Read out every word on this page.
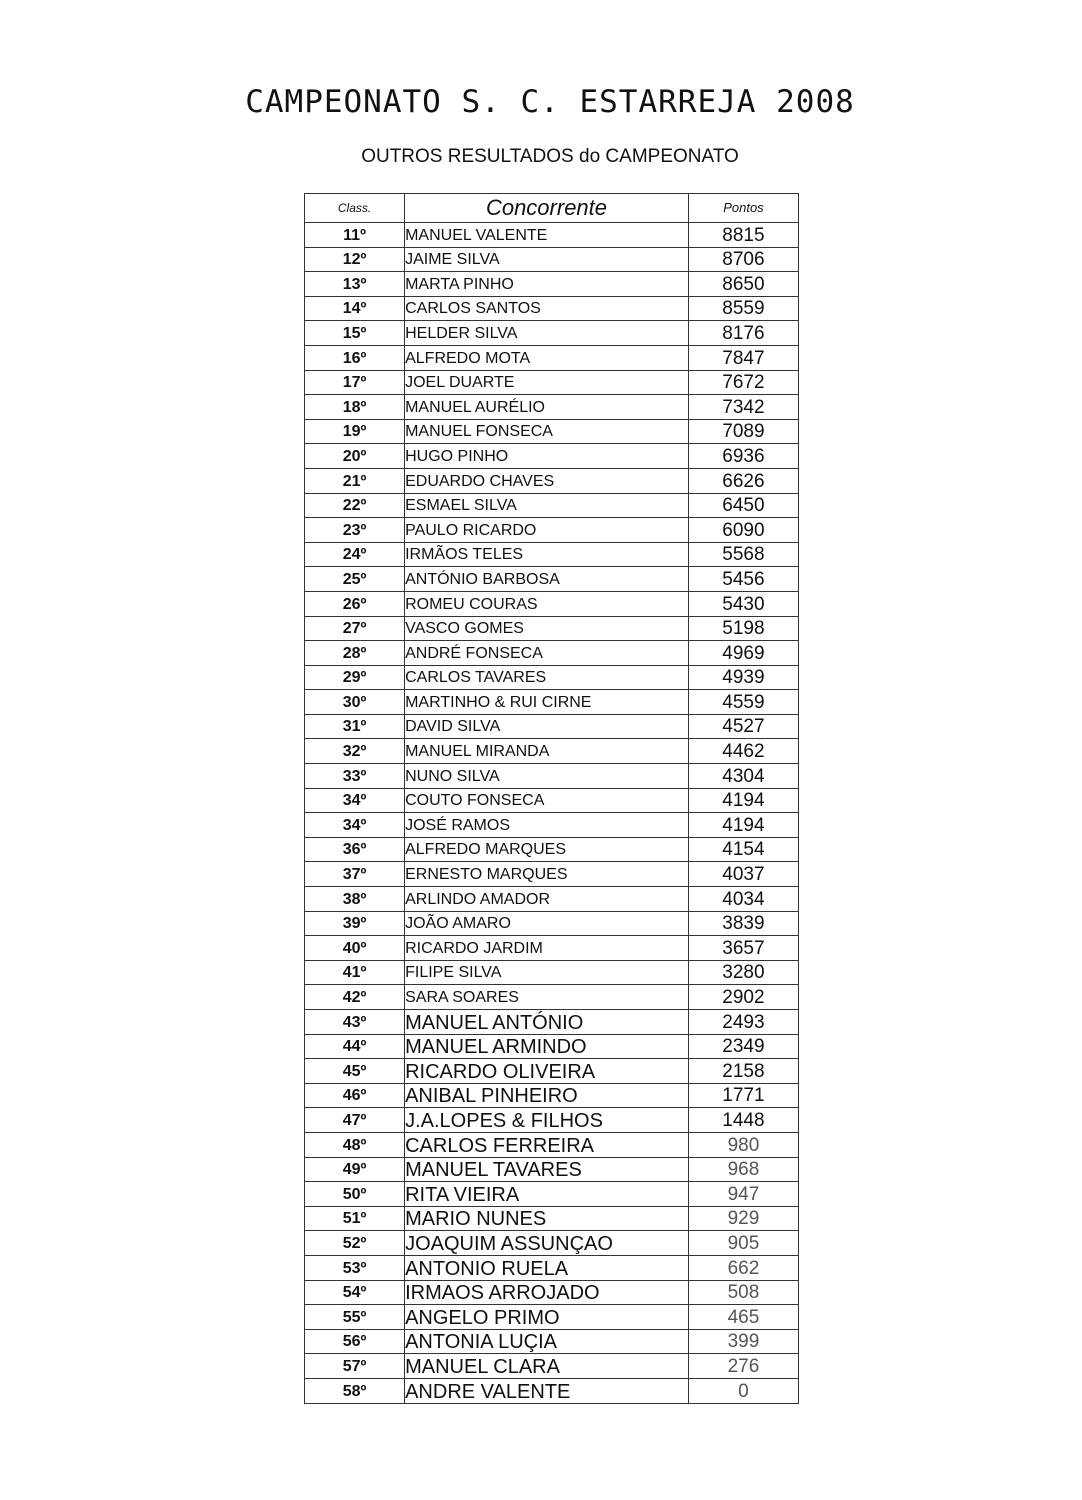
CAMPEONATO S. C. ESTARREJA 2008
OUTROS RESULTADOS do CAMPEONATO
Class.	Concorrente	Pontos
11º	MANUEL VALENTE	8815
12º	JAIME SILVA	8706
13º	MARTA PINHO	8650
14º	CARLOS SANTOS	8559
15º	HELDER SILVA	8176
16º	ALFREDO MOTA	7847
17º	JOEL DUARTE	7672
18º	MANUEL AURÉLIO	7342
19º	MANUEL FONSECA	7089
20º	HUGO PINHO	6936
21º	EDUARDO CHAVES	6626
22º	ESMAEL SILVA	6450
23º	PAULO RICARDO	6090
24º	IRMÃOS TELES	5568
25º	ANTÓNIO BARBOSA	5456
26º	ROMEU COURAS	5430
27º	VASCO GOMES	5198
28º	ANDRÉ FONSECA	4969
29º	CARLOS TAVARES	4939
30º	MARTINHO & RUI CIRNE	4559
31º	DAVID SILVA	4527
32º	MANUEL MIRANDA	4462
33º	NUNO SILVA	4304
34º	COUTO FONSECA	4194
34º	JOSÉ RAMOS	4194
36º	ALFREDO MARQUES	4154
37º	ERNESTO MARQUES	4037
38º	ARLINDO AMADOR	4034
39º	JOÃO AMARO	3839
40º	RICARDO JARDIM	3657
41º	FILIPE SILVA	3280
42º	SARA SOARES	2902
43º	MANUEL ANTÓNIO	2493
44º	MANUEL ARMINDO	2349
45º	RICARDO OLIVEIRA	2158
46º	ANIBAL PINHEIRO	1771
47º	J.A.LOPES & FILHOS	1448
48º	CARLOS FERREIRA	980
49º	MANUEL TAVARES	968
50º	RITA VIEIRA	947
51º	MARIO NUNES	929
52º	JOAQUIM ASSUNÇAO	905
53º	ANTONIO RUELA	662
54º	IRMAOS ARROJADO	508
55º	ANGELO PRIMO	465
56º	ANTONIA LUÇIA	399
57º	MANUEL CLARA	276
58º	ANDRE VALENTE	0
